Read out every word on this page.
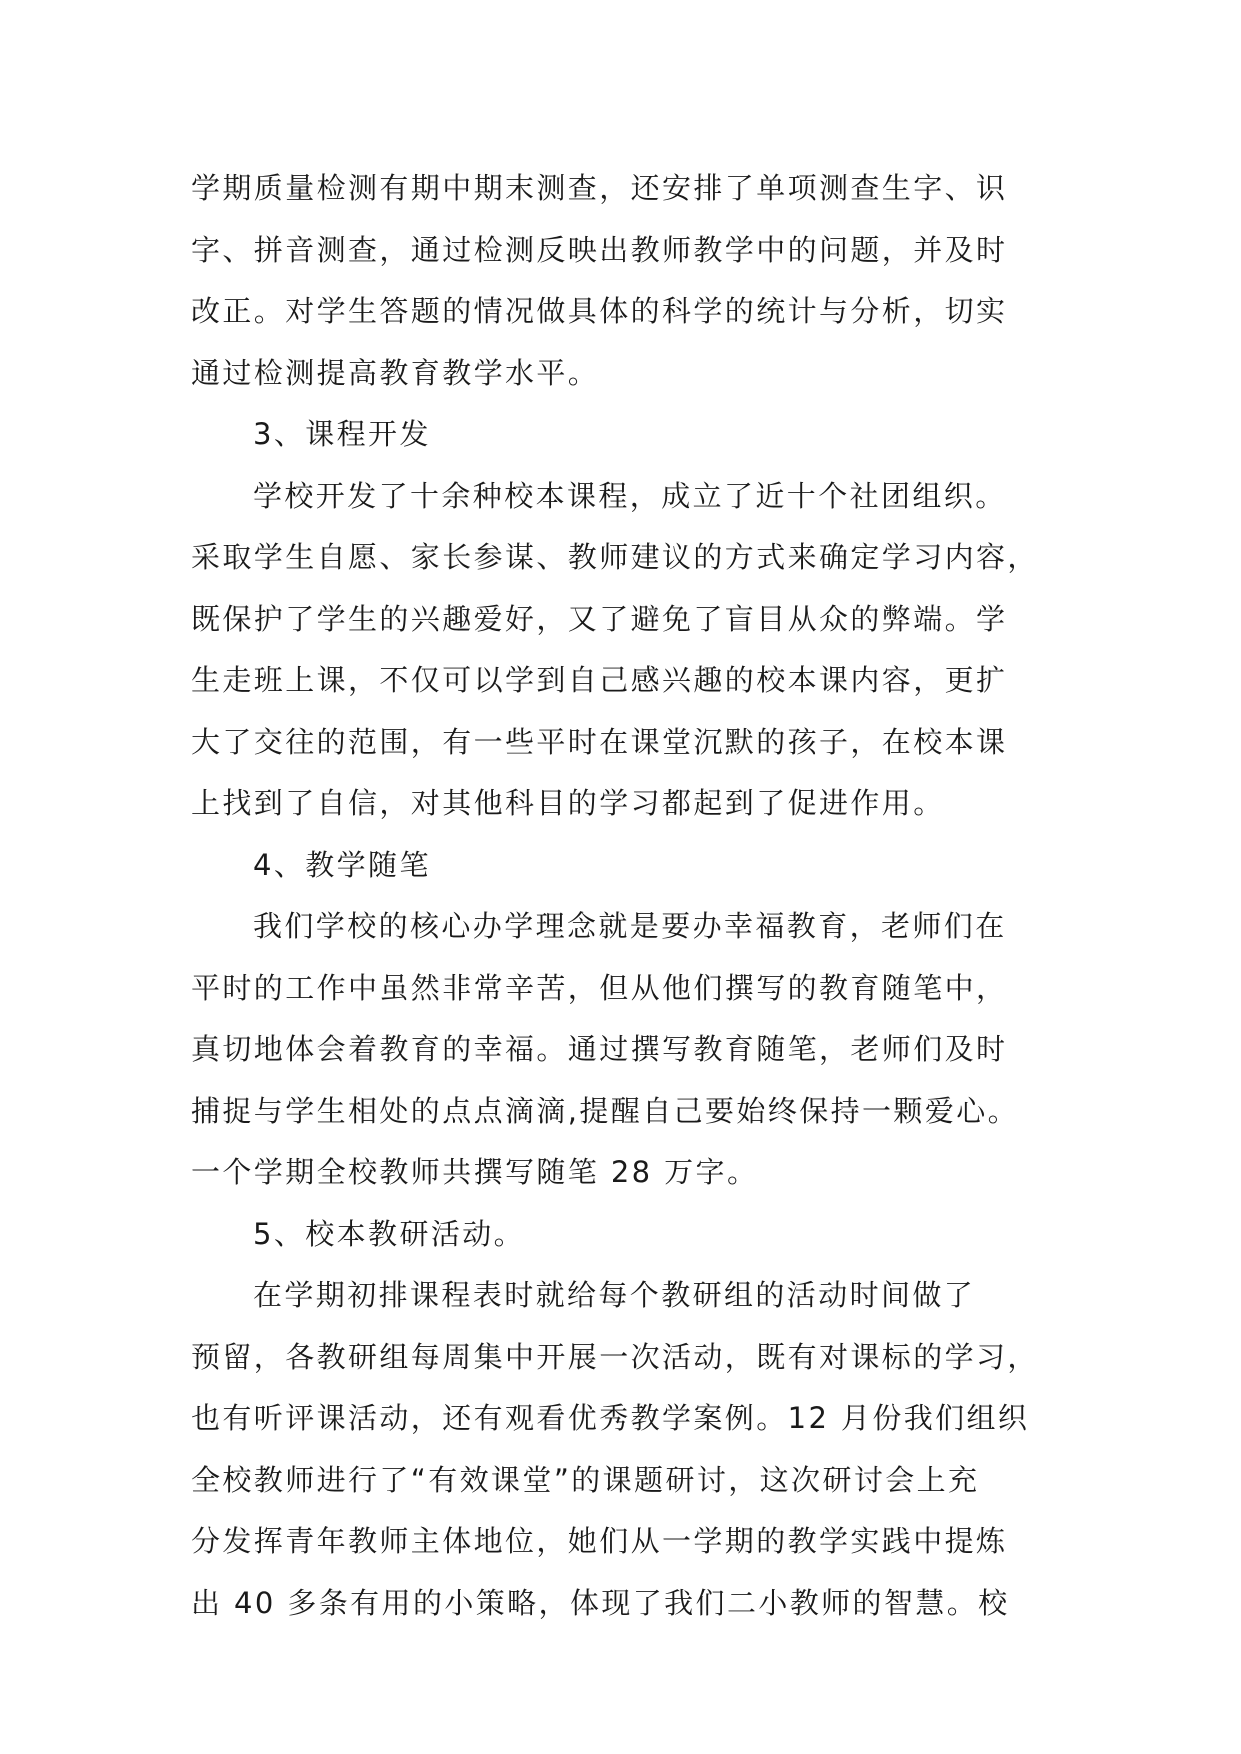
学期质量检测有期中期末测查，还安排了单项测查生字、识
字、拼音测查，通过检测反映出教师教学中的问题，并及时
改正。对学生答题的情况做具体的科学的统计与分析，切实
通过检测提高教育教学水平。
3、课程开发
学校开发了十余种校本课程，成立了近十个社团组织。
采取学生自愿、家长参谋、教师建议的方式来确定学习内容，
既保护了学生的兴趣爱好，又了避免了盲目从众的弊端。学
生走班上课，不仅可以学到自己感兴趣的校本课内容，更扩
大了交往的范围，有一些平时在课堂沉默的孩子，在校本课
上找到了自信，对其他科目的学习都起到了促进作用。
4、教学随笔
我们学校的核心办学理念就是要办幸福教育，老师们在
平时的工作中虽然非常辛苦，但从他们撰写的教育随笔中，
真切地体会着教育的幸福。通过撰写教育随笔，老师们及时
捕捉与学生相处的点点滴滴,提醒自己要始终保持一颗爱心。
一个学期全校教师共撰写随笔 28 万字。
5、校本教研活动。
在学期初排课程表时就给每个教研组的活动时间做了
预留，各教研组每周集中开展一次活动，既有对课标的学习，
也有听评课活动，还有观看优秀教学案例。12 月份我们组织
全校教师进行了“有效课堂”的课题研讨，这次研讨会上充
分发挥青年教师主体地位，她们从一学期的教学实践中提炼
出 40 多条有用的小策略，体现了我们二小教师的智慧。校
